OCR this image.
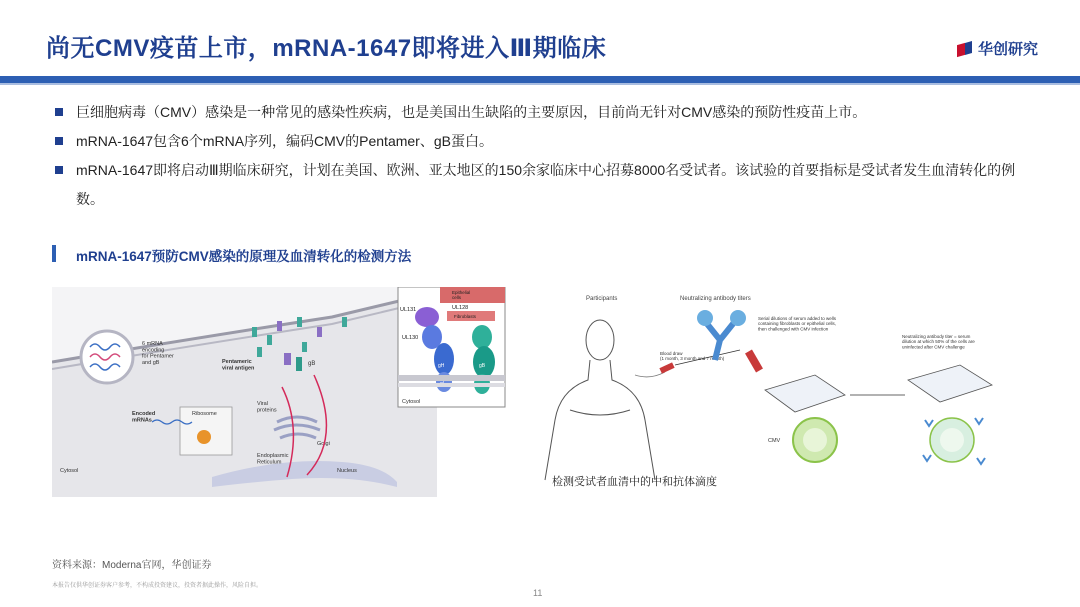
尚无CMV疫苗上市，mRNA-1647即将进入Ⅲ期临床	华创研究
巨细胞病毒（CMV）感染是一种常见的感染性疾病，也是美国出生缺陷的主要原因，目前尚无针对CMV感染的预防性疫苗上市。
mRNA-1647包含6个mRNA序列，编码CMV的Pentamer、gB蛋白。
mRNA-1647即将启动Ⅲ期临床研究，计划在美国、欧洲、亚太地区的150余家临床中心招募8000名受试者。该试验的首要指标是受试者发生血清转化的例数。
mRNA-1647预防CMV感染的原理及血清转化的检测方法
6 mRNA encoding for Pentamer and gB	Pentameric viral antigen
gB
Ribosome
Encoded mRNAs
Viral proteins
Golgi
Endoplasmic Reticulum
Nucleus
Cytosol
Epithelial cells
Fibroblasts
UL131	UL128
UL130
gH	gB
Cytosol
Participants	Neutralizing antibody titers
Blood draw (1 month, 3 month and 7 month)
Serial dilutions of serum added to wells containing fibroblasts or epithelial cells, then challenged with CMV infection
Neutralizing antibody titer = serum dilution at which 50% of the cells are uninfected after CMV challenge
CMV
检测受试者血清中的中和抗体滴度
资料来源：Moderna官网，华创证券
本报告仅供华创证券客户参考，不构成投资建议，投资者据此操作，风险自担。
11
